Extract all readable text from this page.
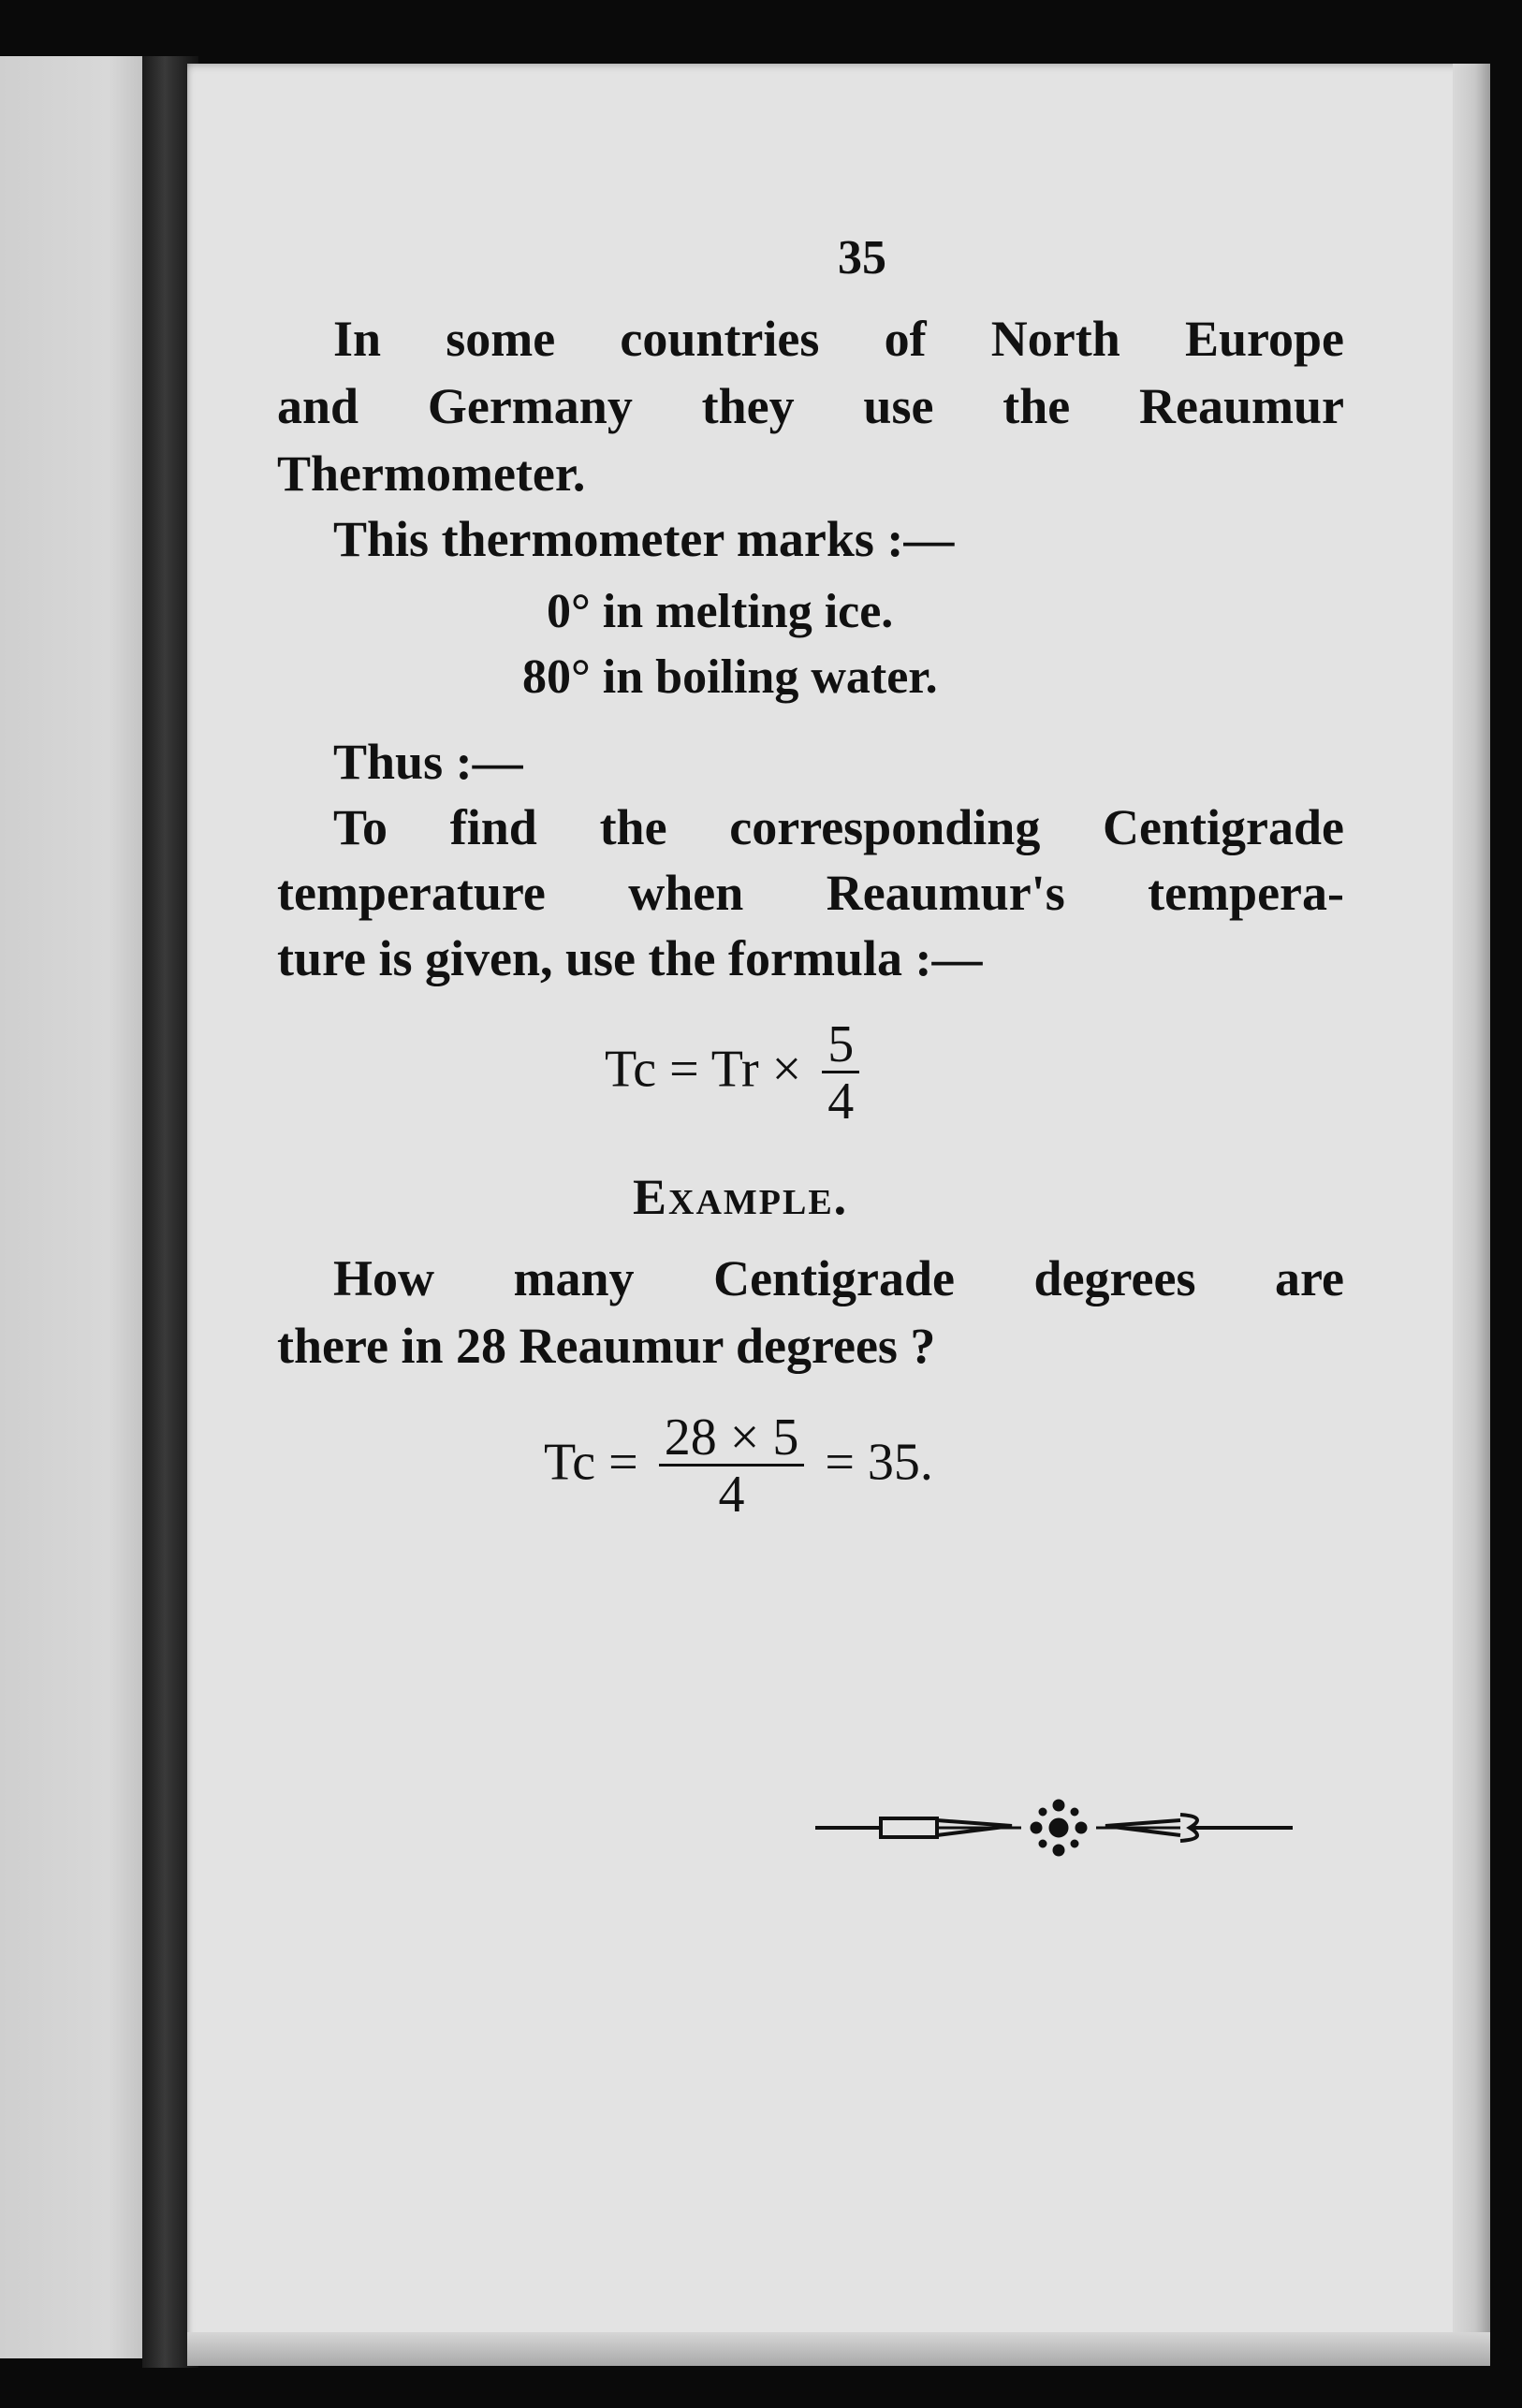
35
In some countries of North Europe
and Germany they use the Reaumur
Thermometer.
This thermometer marks :—
0° in melting ice.
80° in boiling water.
Thus :—
To find the corresponding Centigrade
temperature when Reaumur's tempera-
ture is given, use the formula :—
$Tc = Tr \times \frac{5}{4}$
Example.
How many Centigrade degrees are
there in 28 Reaumur degrees ?
$Tc = \frac{28 \times 5}{4} = 35$.
